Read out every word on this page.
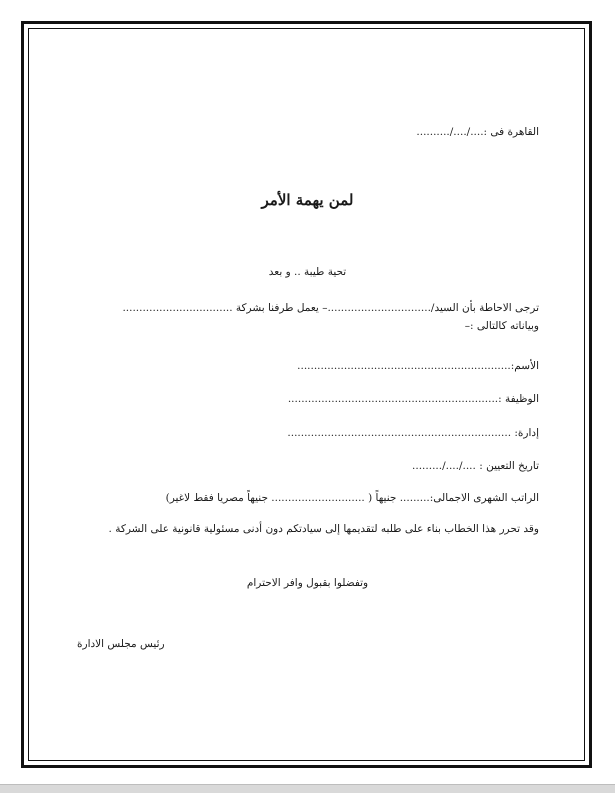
القاهرة فى :..../..../..........
لمن يهمة الأمر
تحية طيبة .. و بعد
ترجى الاحاطة بأن السيد/...............................– يعمل طرفنا بشركة .................................
وبياناته كالتالى :–
الأسم:................................................................
الوظيفة :...............................................................
إدارة: ...................................................................
تاريخ التعيين : ..../..../.........
الراتب الشهرى الاجمالى:......... جنيهاً ( ............................ جنيهاً مصريا فقط لاغير)
وقد تحرر هذا الخطاب بناء على طلبه لتقديمها إلى سيادتكم دون أدنى مسئولية قانونية على الشركة .
وتفضلوا بقبول وافر الاحترام
رئيس مجلس الادارة
